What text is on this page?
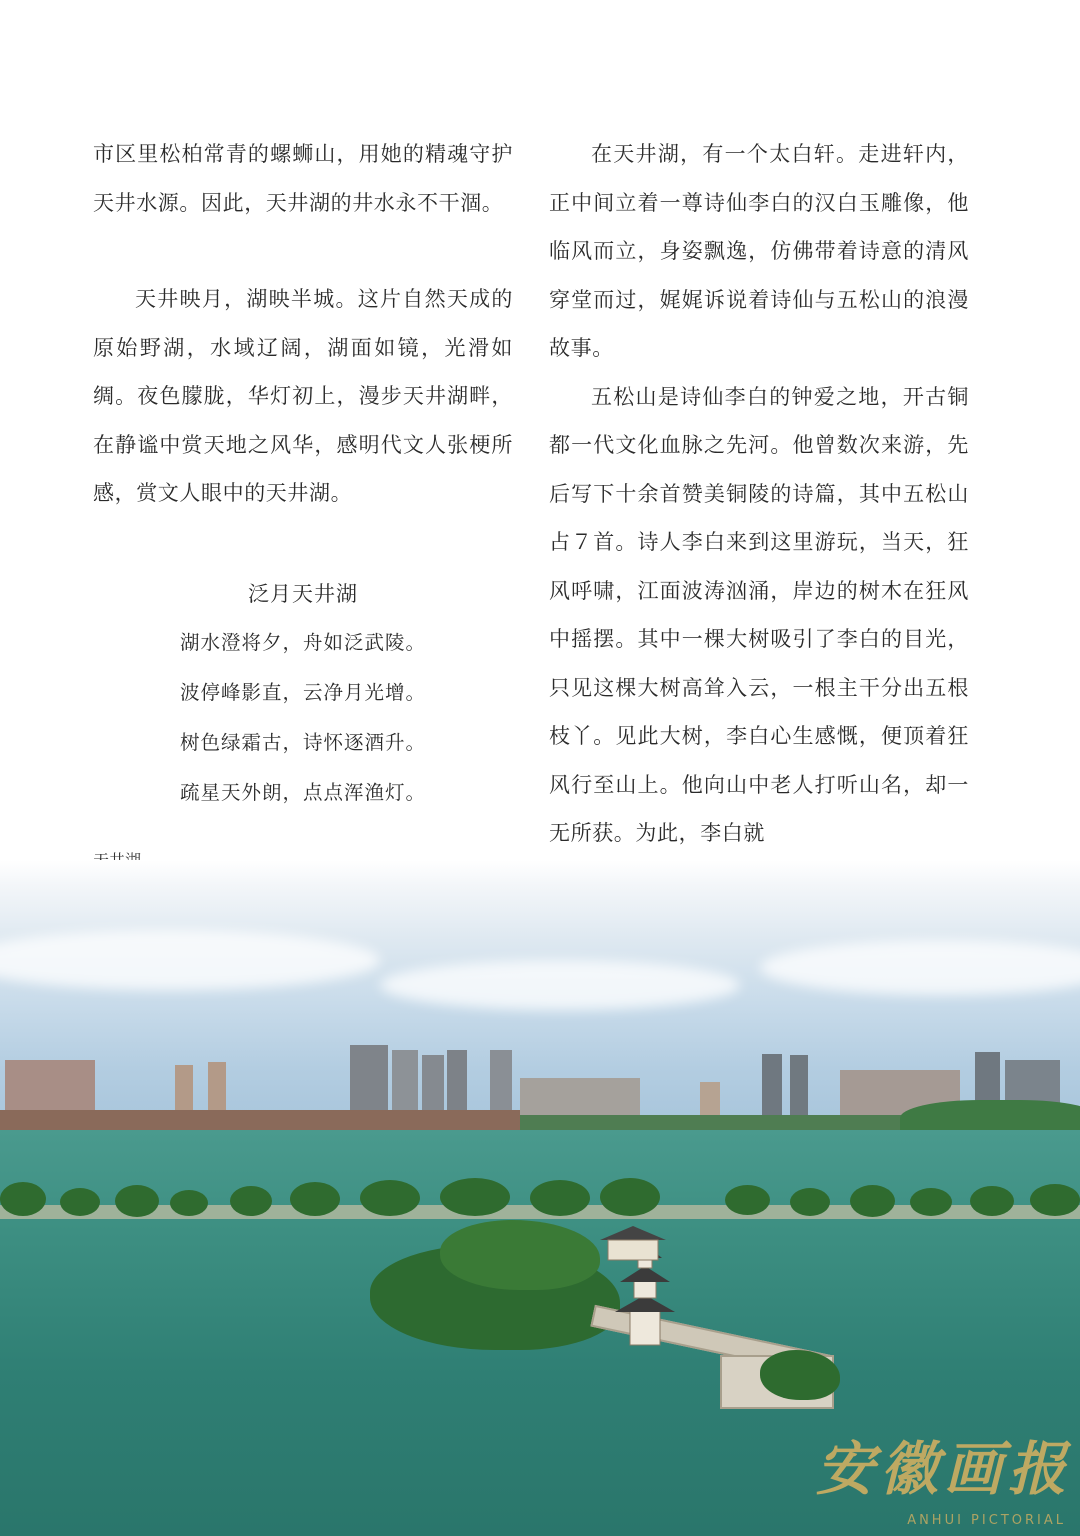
市区里松柏常青的螺蛳山，用她的精魂守护天井水源。因此，天井湖的井水永不干涸。

天井映月，湖映半城。这片自然天成的原始野湖，水域辽阔，湖面如镜，光滑如绸。夜色朦胧，华灯初上，漫步天井湖畔，在静谧中赏天地之风华，感明代文人张梗所感，赏文人眼中的天井湖。

泛月天井湖
湖水澄将夕，舟如泛武陵。
波停峰影直，云净月光增。
树色绿霜古，诗怀逐酒升。
疏星天外朗，点点浑渔灯。

在天井湖，有一个太白轩。走进轩内，正中间立着一尊诗仙李白的汉白玉雕像，他临风而立，身姿飘逸，仿佛带着诗意的清风穿堂而过，娓娓诉说着诗仙与五松山的浪漫故事。

五松山是诗仙李白的钟爱之地，开古铜都一代文化血脉之先河。他曾数次来游，先后写下十余首赞美铜陵的诗篇，其中五松山占７首。诗人李白来到这里游玩，当天，狂风呼啸，江面波涛汹涌，岸边的树木在狂风中摇摆。其中一棵大树吸引了李白的目光，只见这棵大树高耸入云，一根主干分出五根枝丫。见此大树，李白心生感慨，便顶着狂风行至山上。他向山中老人打听山名，却一无所获。为此，李白就

安徽画报
ANHUI PICTORIAL
